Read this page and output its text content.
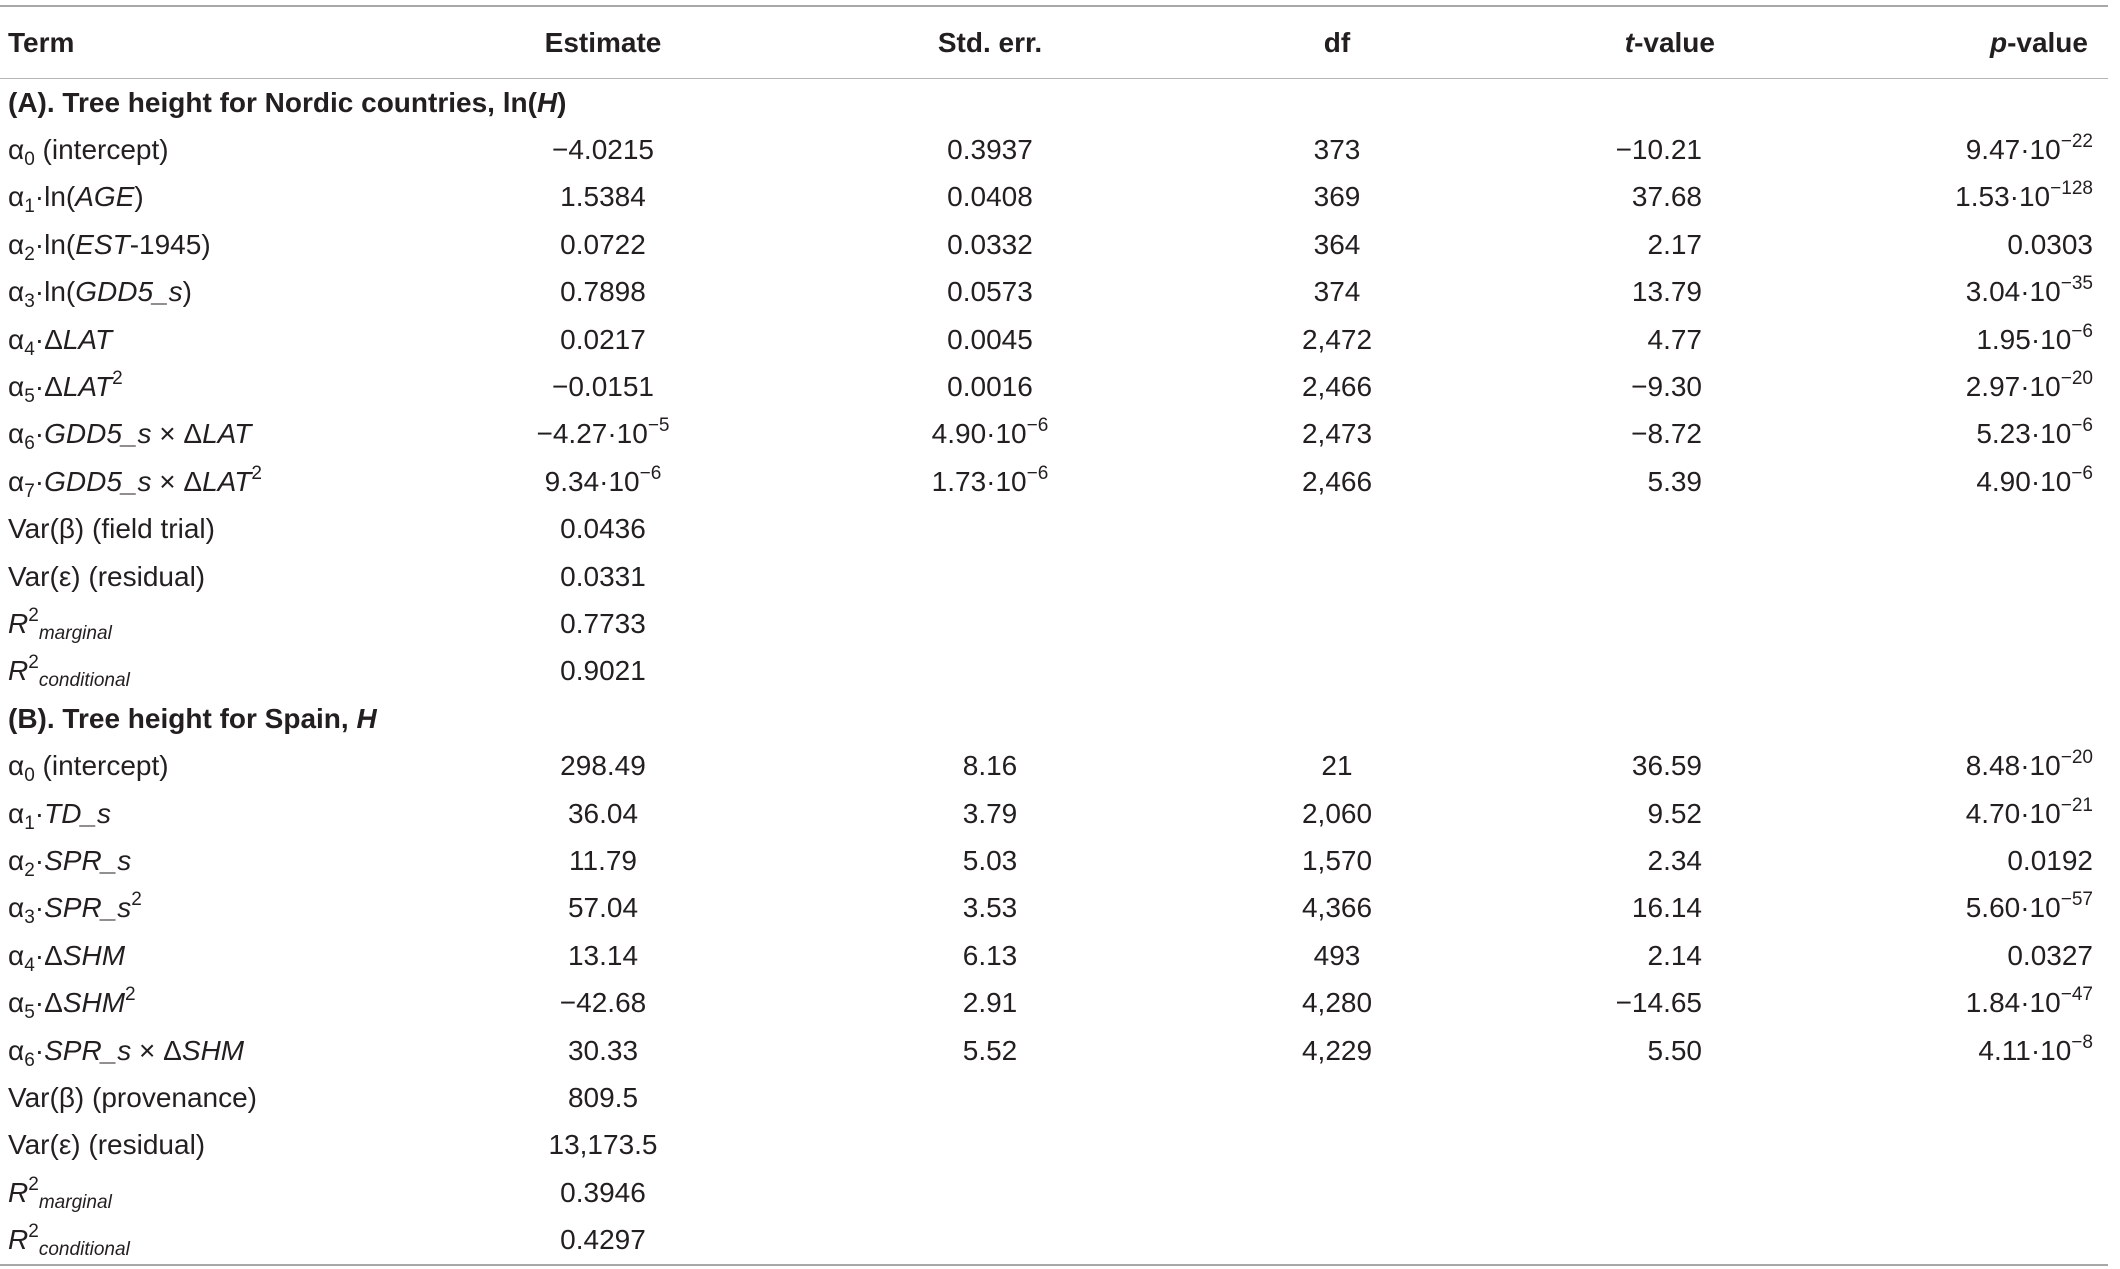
Term	Estimate	Std. err.	df	t-value	p-value
(A). Tree height for Nordic countries, ln(H)
$\alpha_0$ (intercept)	−4.0215	0.3937	373	−10.21	$9.47\cdot 10^{-22}$
$\alpha_1\cdot\ln(AGE)$	1.5384	0.0408	369	37.68	$1.53\cdot 10^{-128}$
$\alpha_2\cdot\ln(EST-1945)$	0.0722	0.0332	364	2.17	0.0303
$\alpha_3\cdot\ln(GDD5\_s)$	0.7898	0.0573	374	13.79	$3.04\cdot 10^{-35}$
$\alpha_4\cdot\Delta LAT$	0.0217	0.0045	2,472	4.77	$1.95\cdot 10^{-6}$
$\alpha_5\cdot\Delta LAT^2$	−0.0151	0.0016	2,466	−9.30	$2.97\cdot 10^{-20}$
$\alpha_6\cdot GDD5\_s \times \Delta LAT$	$-4.27\cdot 10^{-5}$	$4.90\cdot 10^{-6}$	2,473	−8.72	$5.23\cdot 10^{-6}$
$\alpha_7\cdot GDD5\_s \times \Delta LAT^2$	$9.34\cdot 10^{-6}$	$1.73\cdot 10^{-6}$	2,466	5.39	$4.90\cdot 10^{-6}$
Var(β) (field trial)	0.0436
Var(ε) (residual)	0.0331
$R^2_{marginal}$	0.7733
$R^2_{conditional}$	0.9021
(B). Tree height for Spain, H
$\alpha_0$ (intercept)	298.49	8.16	21	36.59	$8.48\cdot 10^{-20}$
$\alpha_1\cdot TD\_s$	36.04	3.79	2,060	9.52	$4.70\cdot 10^{-21}$
$\alpha_2\cdot SPR\_s$	11.79	5.03	1,570	2.34	0.0192
$\alpha_3\cdot SPR\_s^2$	57.04	3.53	4,366	16.14	$5.60\cdot 10^{-57}$
$\alpha_4\cdot\Delta SHM$	13.14	6.13	493	2.14	0.0327
$\alpha_5\cdot\Delta SHM^2$	−42.68	2.91	4,280	−14.65	$1.84\cdot 10^{-47}$
$\alpha_6\cdot SPR\_s \times \Delta SHM$	30.33	5.52	4,229	5.50	$4.11\cdot 10^{-8}$
Var(β) (provenance)	809.5
Var(ε) (residual)	13,173.5
$R^2_{marginal}$	0.3946
$R^2_{conditional}$	0.4297
